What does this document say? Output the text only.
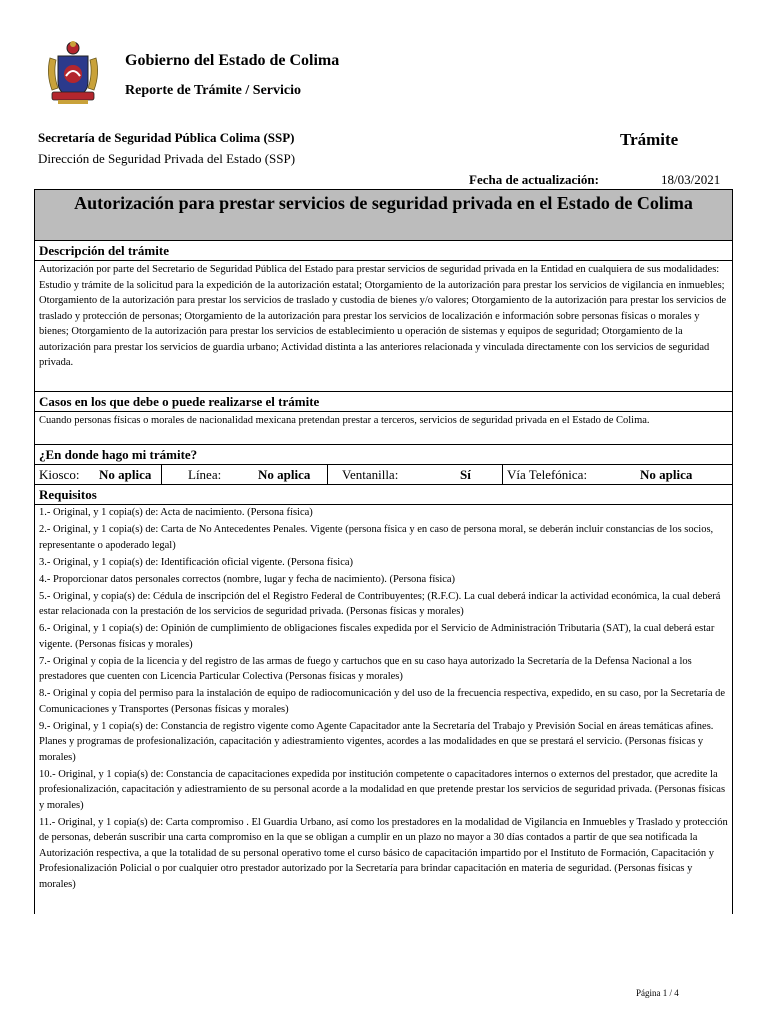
Gobierno del Estado de Colima
Reporte de Trámite / Servicio
Secretaría de Seguridad Pública Colima (SSP)	Trámite
Dirección de Seguridad Privada del Estado (SSP)
Fecha de actualización:	18/03/2021
Autorización para prestar servicios de seguridad privada en el Estado de Colima
Descripción del trámite
Autorización por parte del Secretario de Seguridad Pública del Estado para prestar servicios de seguridad privada en la Entidad en cualquiera de sus modalidades: Estudio y trámite de la solicitud para la expedición de la autorización estatal; Otorgamiento de la autorización para prestar los servicios de vigilancia en inmuebles; Otorgamiento de la autorización para prestar los servicios de traslado y custodia de bienes y/o valores; Otorgamiento de la autorización para prestar los servicios de traslado y protección de personas; Otorgamiento de la autorización para prestar los servicios de localización e información sobre personas físicas o morales y bienes; Otorgamiento de la autorización para prestar los servicios de establecimiento u operación de sistemas y equipos de seguridad; Otorgamiento de la autorización para prestar los servicios de guardia urbano; Actividad distinta a las anteriores relacionada y vinculada directamente con los servicios de seguridad privada.
Casos en los que debe o puede realizarse el trámite
Cuando personas físicas o morales de nacionalidad mexicana pretendan prestar a terceros, servicios de seguridad privada en el Estado de Colima.
¿En donde hago mi trámite?
Kiosco: No aplica	Línea:	No aplica Ventanilla:	Sí	Vía Telefónica:	No aplica
Requisitos
1.- Original, y 1 copia(s) de: Acta de nacimiento. (Persona física)
2.- Original, y 1 copia(s) de: Carta de No Antecedentes Penales. Vigente (persona física y en caso de persona moral, se deberán incluir constancias de los socios, representante o apoderado legal)
3.- Original, y 1 copia(s) de: Identificación oficial vigente. (Persona física)
4.- Proporcionar datos personales correctos (nombre, lugar y fecha de nacimiento). (Persona física)
5.- Original, y copia(s) de: Cédula de inscripción del el Registro Federal de Contribuyentes; (R.F.C). La cual deberá indicar la actividad económica, la cual deberá estar relacionada con la prestación de los servicios de seguridad privada. (Personas físicas y morales)
6.- Original, y 1 copia(s) de: Opinión de cumplimiento de obligaciones fiscales expedida por el Servicio de Administración Tributaria (SAT), la cual deberá estar vigente. (Personas físicas y morales)
7.- Original y copia de la licencia y del registro de las armas de fuego y cartuchos que en su caso haya autorizado la Secretaría de la Defensa Nacional a los prestadores que cuenten con Licencia Particular Colectiva (Personas físicas y morales)
8.- Original y copia del permiso para la instalación de equipo de radiocomunicación y del uso de la frecuencia respectiva, expedido, en su caso, por la Secretaría de Comunicaciones y Transportes (Personas físicas y morales)
9.- Original, y 1 copia(s) de: Constancia de registro vigente como Agente Capacitador ante la Secretaría del Trabajo y Previsión Social en áreas temáticas afines. Planes y programas de profesionalización, capacitación y adiestramiento vigentes, acordes a las modalidades en que se prestará el servicio. (Personas físicas y morales)
10.- Original, y 1 copia(s) de: Constancia de capacitaciones expedida por institución competente o capacitadores internos o externos del prestador, que acredite la profesionalización, capacitación y adiestramiento de su personal acorde a la modalidad en que pretende prestar los servicios de seguridad privada. (Personas físicas y morales)
11.- Original, y 1 copia(s) de: Carta compromiso . El Guardia Urbano, así como los prestadores en la modalidad de Vigilancia en Inmuebles y Traslado y protección de personas, deberán suscribir una carta compromiso en la que se obligan a cumplir en un plazo no mayor a 30 días contados a partir de que sea notificada la Autorización respectiva, a que la totalidad de su personal operativo tome el curso básico de capacitación impartido por el Instituto de Formación, Capacitación y Profesionalización Policial o por cualquier otro prestador autorizado por la Secretaría para brindar capacitación en materia de seguridad. (Personas físicas y morales)
Página 1 / 4
